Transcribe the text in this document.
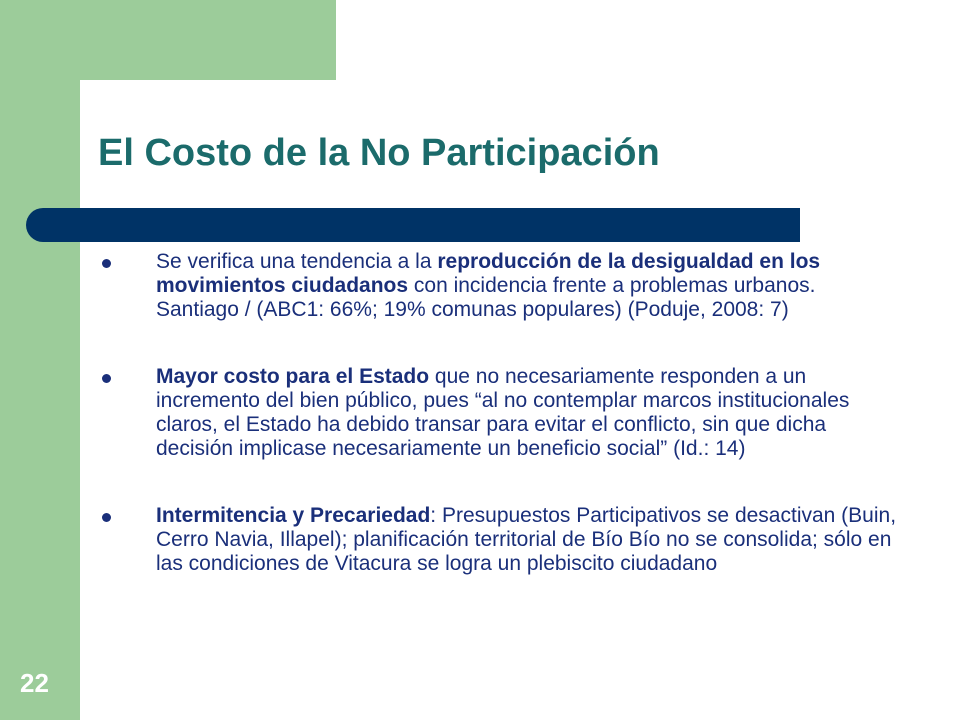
El Costo de la No Participación
Se verifica una tendencia a la reproducción de la desigualdad en los movimientos ciudadanos con incidencia frente a problemas urbanos. Santiago / (ABC1: 66%; 19% comunas populares) (Poduje, 2008: 7)
Mayor costo para el Estado que no necesariamente responden a un incremento del bien público, pues “al no contemplar marcos institucionales claros, el Estado ha debido transar para evitar el conflicto, sin que dicha decisión implicase necesariamente un beneficio social” (Id.: 14)
Intermitencia y Precariedad: Presupuestos Participativos se desactivan (Buin, Cerro Navia, Illapel); planificación territorial de Bío Bío no se consolida; sólo en las condiciones de Vitacura se logra un plebiscito ciudadano
22
